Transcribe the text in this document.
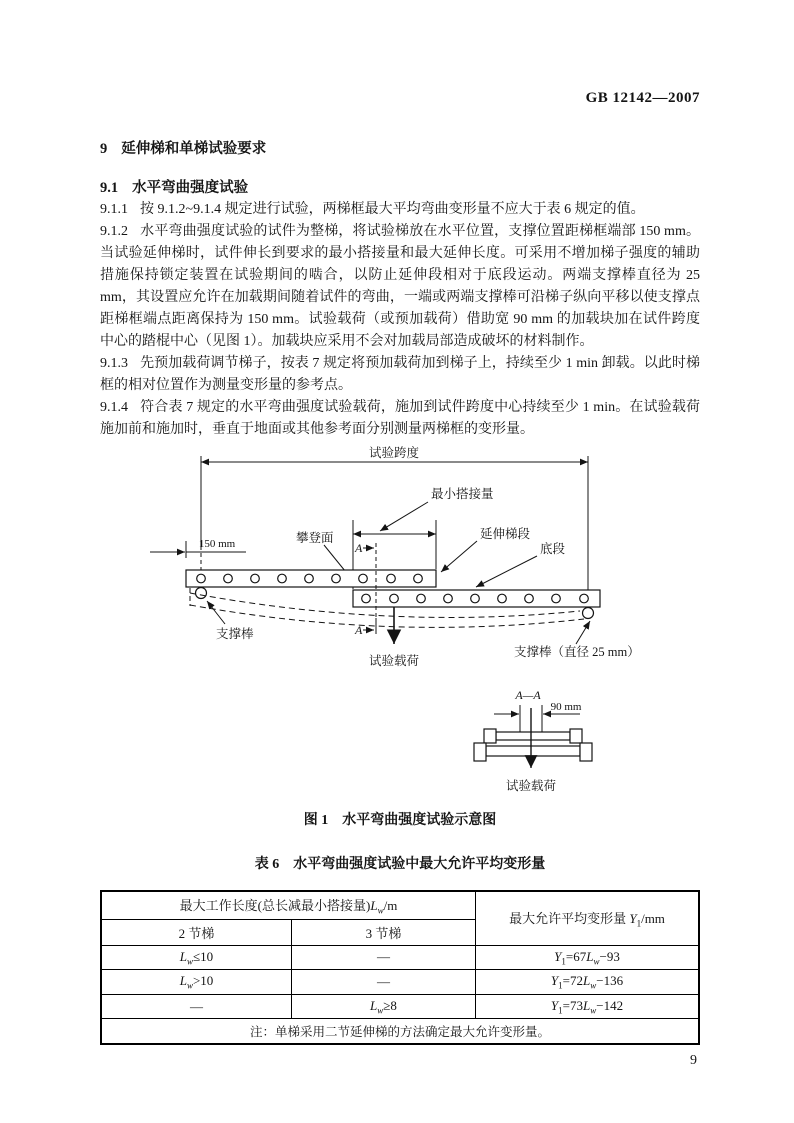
GB 12142—2007

9 延伸梯和单梯试验要求

9.1 水平弯曲强度试验

9.1.1 按 9.1.2~9.1.4 规定进行试验，两梯框最大平均弯曲变形量不应大于表 6 规定的值。

9.1.2 水平弯曲强度试验的试件为整梯，将试验梯放在水平位置，支撑位置距梯框端部 150 mm。当试验延伸梯时，试件伸长到要求的最小搭接量和最大延伸长度。可采用不增加梯子强度的辅助措施保持锁定装置在试验期间的啮合，以防止延伸段相对于底段运动。两端支撑棒直径为 25 mm，其设置应允许在加载期间随着试件的弯曲，一端或两端支撑棒可沿梯子纵向平移以使支撑点距梯框端点距离保持为 150 mm。试验载荷（或预加载荷）借助宽 90 mm 的加载块加在试件跨度中心的踏棍中心（见图 1）。加载块应采用不会对加载局部造成破坏的材料制作。

9.1.3 先预加载荷调节梯子，按表 7 规定将预加载荷加到梯子上，持续至少 1 min 卸载。以此时梯框的相对位置作为测量变形量的参考点。

9.1.4 符合表 7 规定的水平弯曲强度试验载荷，施加到试件跨度中心持续至少 1 min。在试验载荷施加前和施加时，垂直于地面或其他参考面分别测量两梯框的变形量。

试验跨度
最小搭接量
攀登面
150 mm	A
A
延伸梯段
底段
支撑棒
试验载荷
支撑棒（直径 25 mm）
A—A
90 mm
试验载荷

图 1 水平弯曲强度试验示意图

表 6 水平弯曲强度试验中最大允许平均变形量

最大工作长度(总长减最小搭接量)$L_w/m$		最大允许平均变形量 $Y_1/mm$
2 节梯	3 节梯	
$L_w\le 10$	—	$Y_1=67L_w-93$
$L_w>10$	—	$Y_1=72L_w-136$
—	$L_w\ge 8$	$Y_1=73L_w-142$
注：单梯采用二节延伸梯的方法确定最大允许变形量。		
9
